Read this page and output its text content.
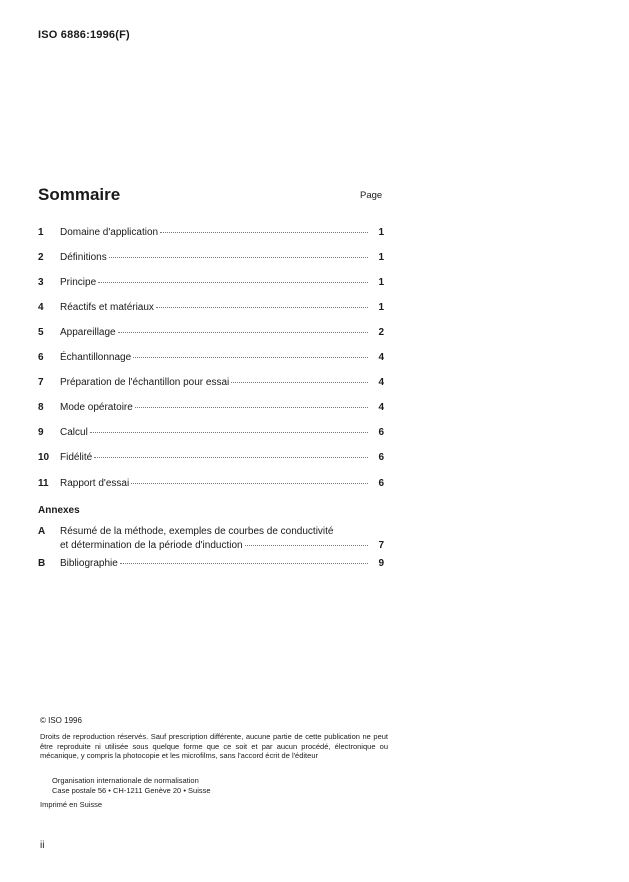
ISO 6886:1996(F)
Sommaire	Page
1	Domaine d'application	1
2	Définitions	1
3	Principe	1
4	Réactifs et matériaux	1
5	Appareillage	2
6	Échantillonnage	4
7	Préparation de l'échantillon pour essai	4
8	Mode opératoire	4
9	Calcul	6
10	Fidélité	6
11	Rapport d'essai	6
Annexes
A Résumé de la méthode, exemples de courbes de conductivité
et détermination de la période d'induction	7
B	Bibliographie	9
© ISO 1996
Droits de reproduction réservés. Sauf prescription différente, aucune partie de cette publication ne peut être reproduite ni utilisée sous quelque forme que ce soit et par aucun procédé, électronique ou mécanique, y compris la photocopie et les microfilms, sans l'accord écrit de l'éditeur
Organisation internationale de normalisation
Case postale 56 • CH-1211 Genève 20 • Suisse
Imprimé en Suisse
ii
